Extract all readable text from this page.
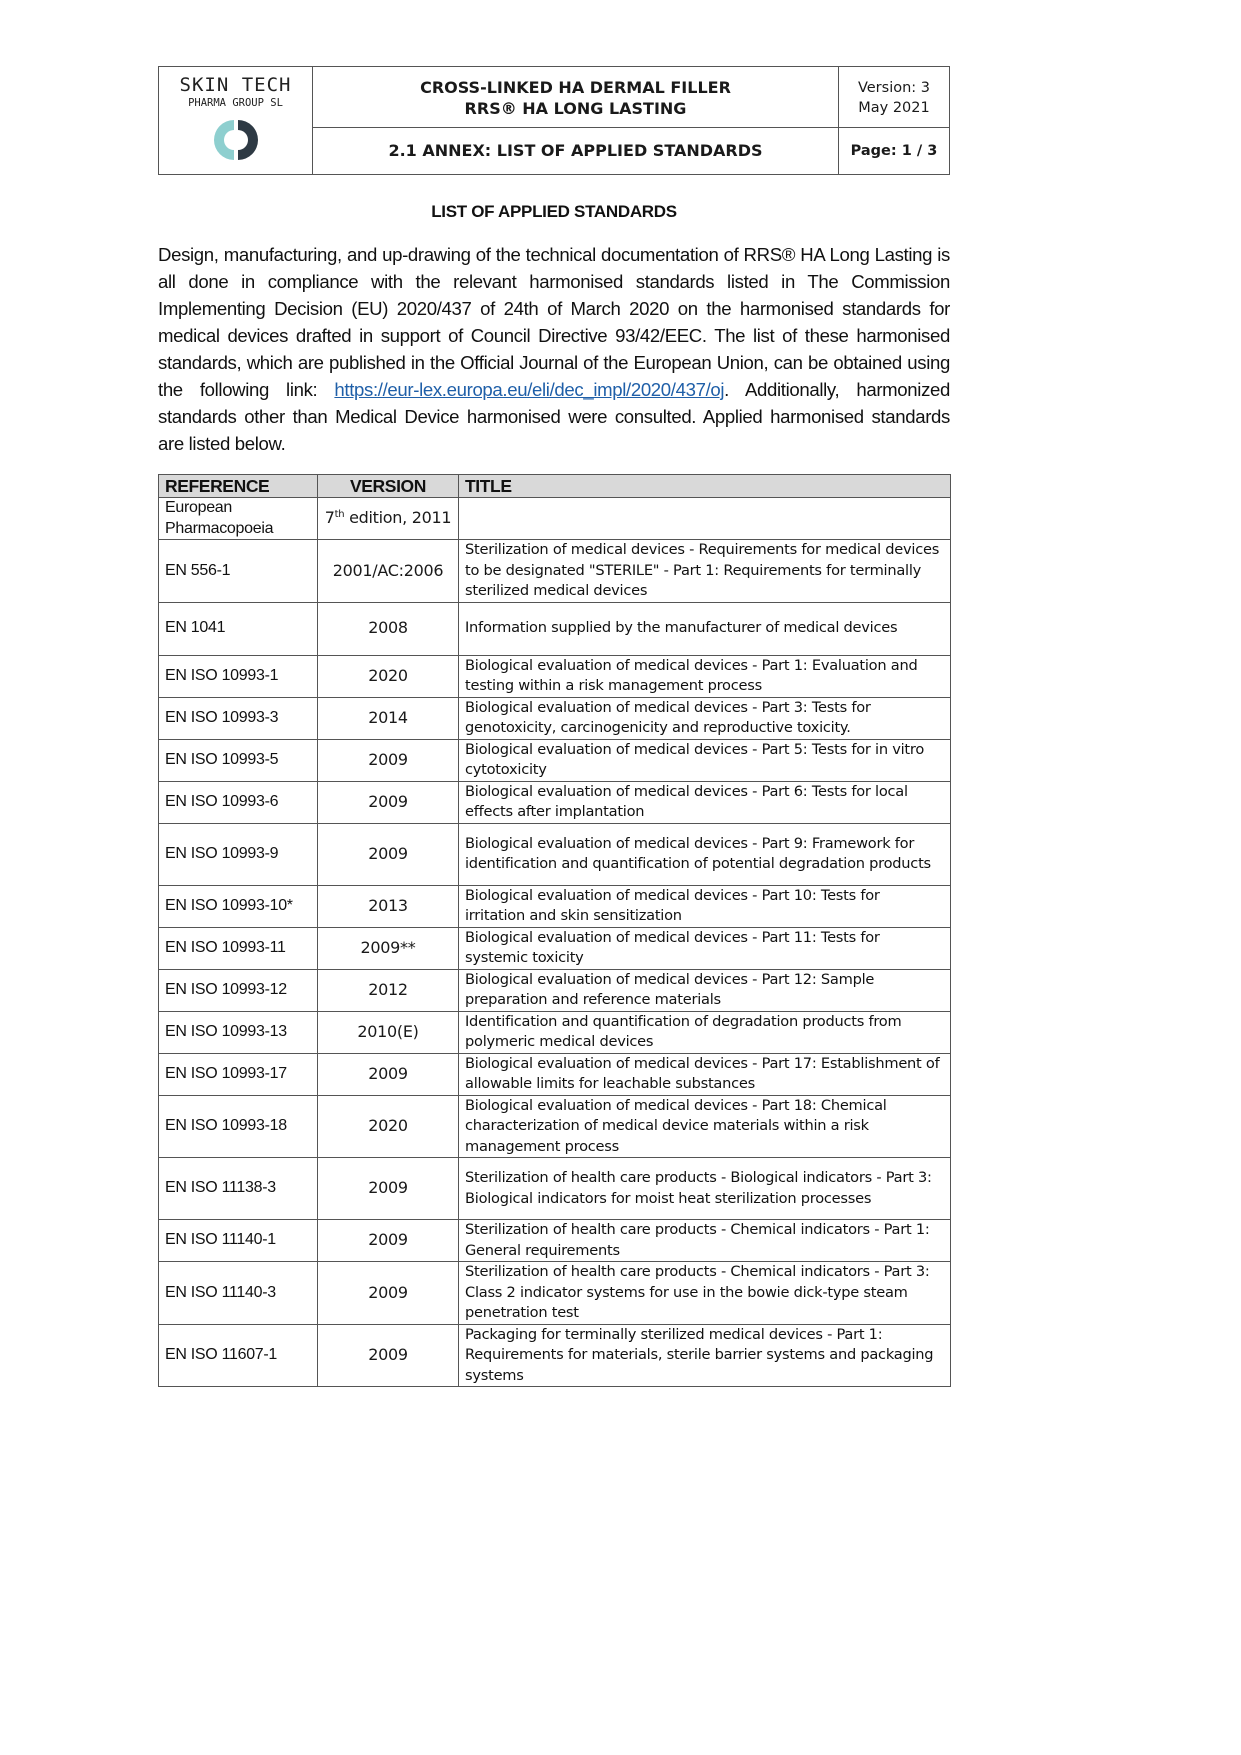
SKIN TECH
PHARMA GROUP SL
CROSS-LINKED HA DERMAL FILLER
RRS® HA LONG LASTING
2.1 ANNEX: LIST OF APPLIED STANDARDS
Version: 3
May 2021
Page: 1 / 3
LIST OF APPLIED STANDARDS
Design, manufacturing, and up-drawing of the technical documentation of RRS® HA Long Lasting is all done in compliance with the relevant harmonised standards listed in The Commission Implementing Decision (EU) 2020/437 of 24th of March 2020 on the harmonised standards for medical devices drafted in support of Council Directive 93/42/EEC. The list of these harmonised standards, which are published in the Official Journal of the European Union, can be obtained using the following link: https://eur-lex.europa.eu/eli/dec_impl/2020/437/oj. Additionally, harmonized standards other than Medical Device harmonised were consulted. Applied harmonised standards are listed below.
REFERENCE	VERSION	TITLE
European Pharmacopoeia	7th edition, 2011	
EN 556-1	2001/AC:2006	Sterilization of medical devices - Requirements for medical devices to be designated "STERILE" - Part 1: Requirements for terminally sterilized medical devices
EN 1041	2008	Information supplied by the manufacturer of medical devices
EN ISO 10993-1	2020	Biological evaluation of medical devices - Part 1: Evaluation and testing within a risk management process
EN ISO 10993-3	2014	Biological evaluation of medical devices - Part 3: Tests for genotoxicity, carcinogenicity and reproductive toxicity.
EN ISO 10993-5	2009	Biological evaluation of medical devices - Part 5: Tests for in vitro cytotoxicity
EN ISO 10993-6	2009	Biological evaluation of medical devices - Part 6: Tests for local effects after implantation
EN ISO 10993-9	2009	Biological evaluation of medical devices - Part 9: Framework for identification and quantification of potential degradation products
EN ISO 10993-10*	2013	Biological evaluation of medical devices - Part 10: Tests for irritation and skin sensitization
EN ISO 10993-11	2009**	Biological evaluation of medical devices - Part 11: Tests for systemic toxicity
EN ISO 10993-12	2012	Biological evaluation of medical devices - Part 12: Sample preparation and reference materials
EN ISO 10993-13	2010(E)	Identification and quantification of degradation products from polymeric medical devices
EN ISO 10993-17	2009	Biological evaluation of medical devices - Part 17: Establishment of allowable limits for leachable substances
EN ISO 10993-18	2020	Biological evaluation of medical devices - Part 18: Chemical characterization of medical device materials within a risk management process
EN ISO 11138-3	2009	Sterilization of health care products - Biological indicators - Part 3: Biological indicators for moist heat sterilization processes
EN ISO 11140-1	2009	Sterilization of health care products - Chemical indicators - Part 1: General requirements
EN ISO 11140-3	2009	Sterilization of health care products - Chemical indicators - Part 3: Class 2 indicator systems for use in the bowie dick-type steam penetration test
EN ISO 11607-1	2009	Packaging for terminally sterilized medical devices - Part 1: Requirements for materials, sterile barrier systems and packaging systems
